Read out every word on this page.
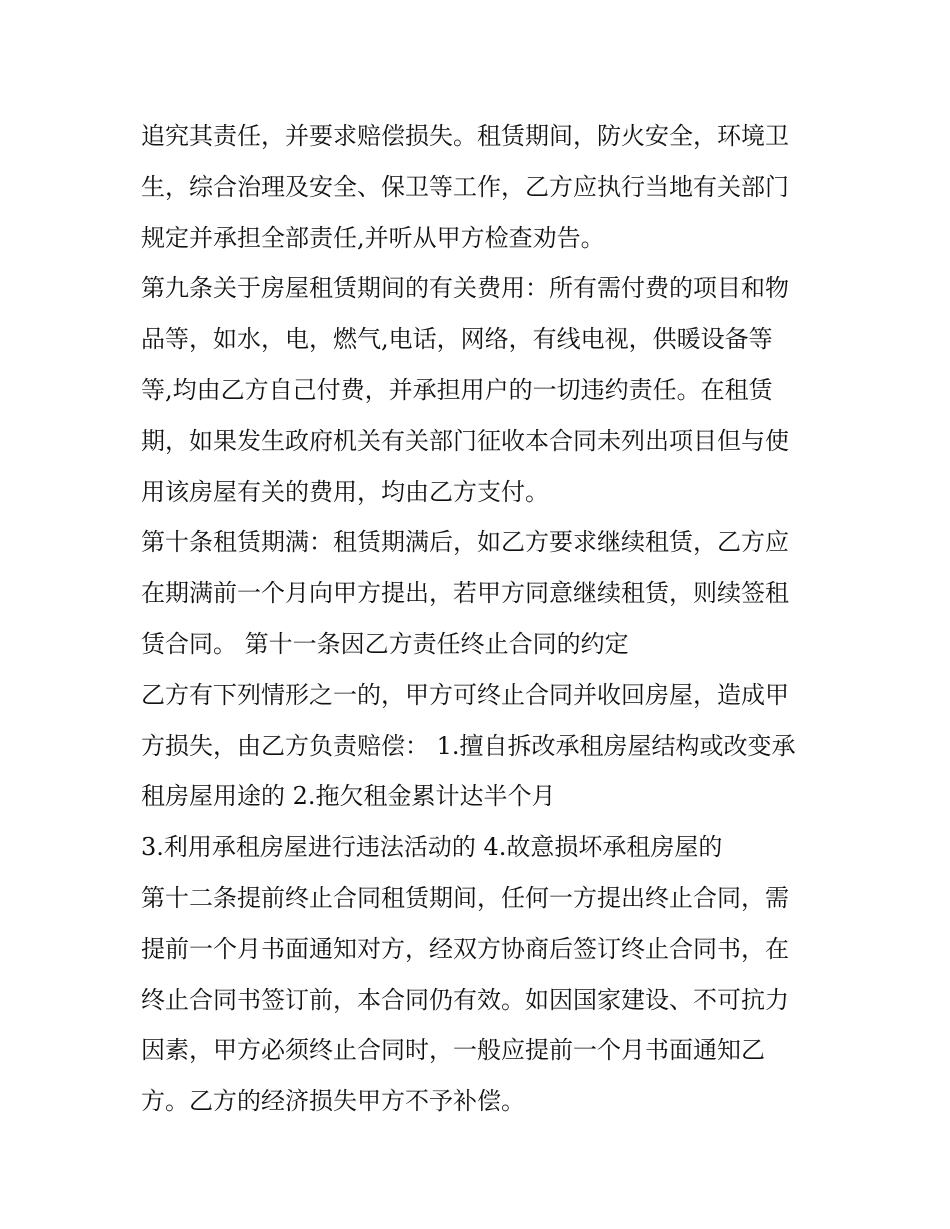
追究其责任，并要求赔偿损失。租赁期间，防火安全，环境卫
生，综合治理及安全、保卫等工作，乙方应执行当地有关部门
规定并承担全部责任,并听从甲方检查劝告。
第九条关于房屋租赁期间的有关费用：所有需付费的项目和物
品等，如水，电，燃气,电话，网络，有线电视，供暖设备等
等,均由乙方自己付费，并承担用户的一切违约责任。在租赁
期，如果发生政府机关有关部门征收本合同未列出项目但与使
用该房屋有关的费用，均由乙方支付。
第十条租赁期满：租赁期满后，如乙方要求继续租赁，乙方应
在期满前一个月向甲方提出，若甲方同意继续租赁，则续签租
赁合同。 第十一条因乙方责任终止合同的约定
乙方有下列情形之一的，甲方可终止合同并收回房屋，造成甲
方损失，由乙方负责赔偿： 1.擅自拆改承租房屋结构或改变承
租房屋用途的 2.拖欠租金累计达半个月
3.利用承租房屋进行违法活动的 4.故意损坏承租房屋的
第十二条提前终止合同租赁期间，任何一方提出终止合同，需
提前一个月书面通知对方，经双方协商后签订终止合同书，在
终止合同书签订前，本合同仍有效。如因国家建设、不可抗力
因素，甲方必须终止合同时，一般应提前一个月书面通知乙
方。乙方的经济损失甲方不予补偿。
